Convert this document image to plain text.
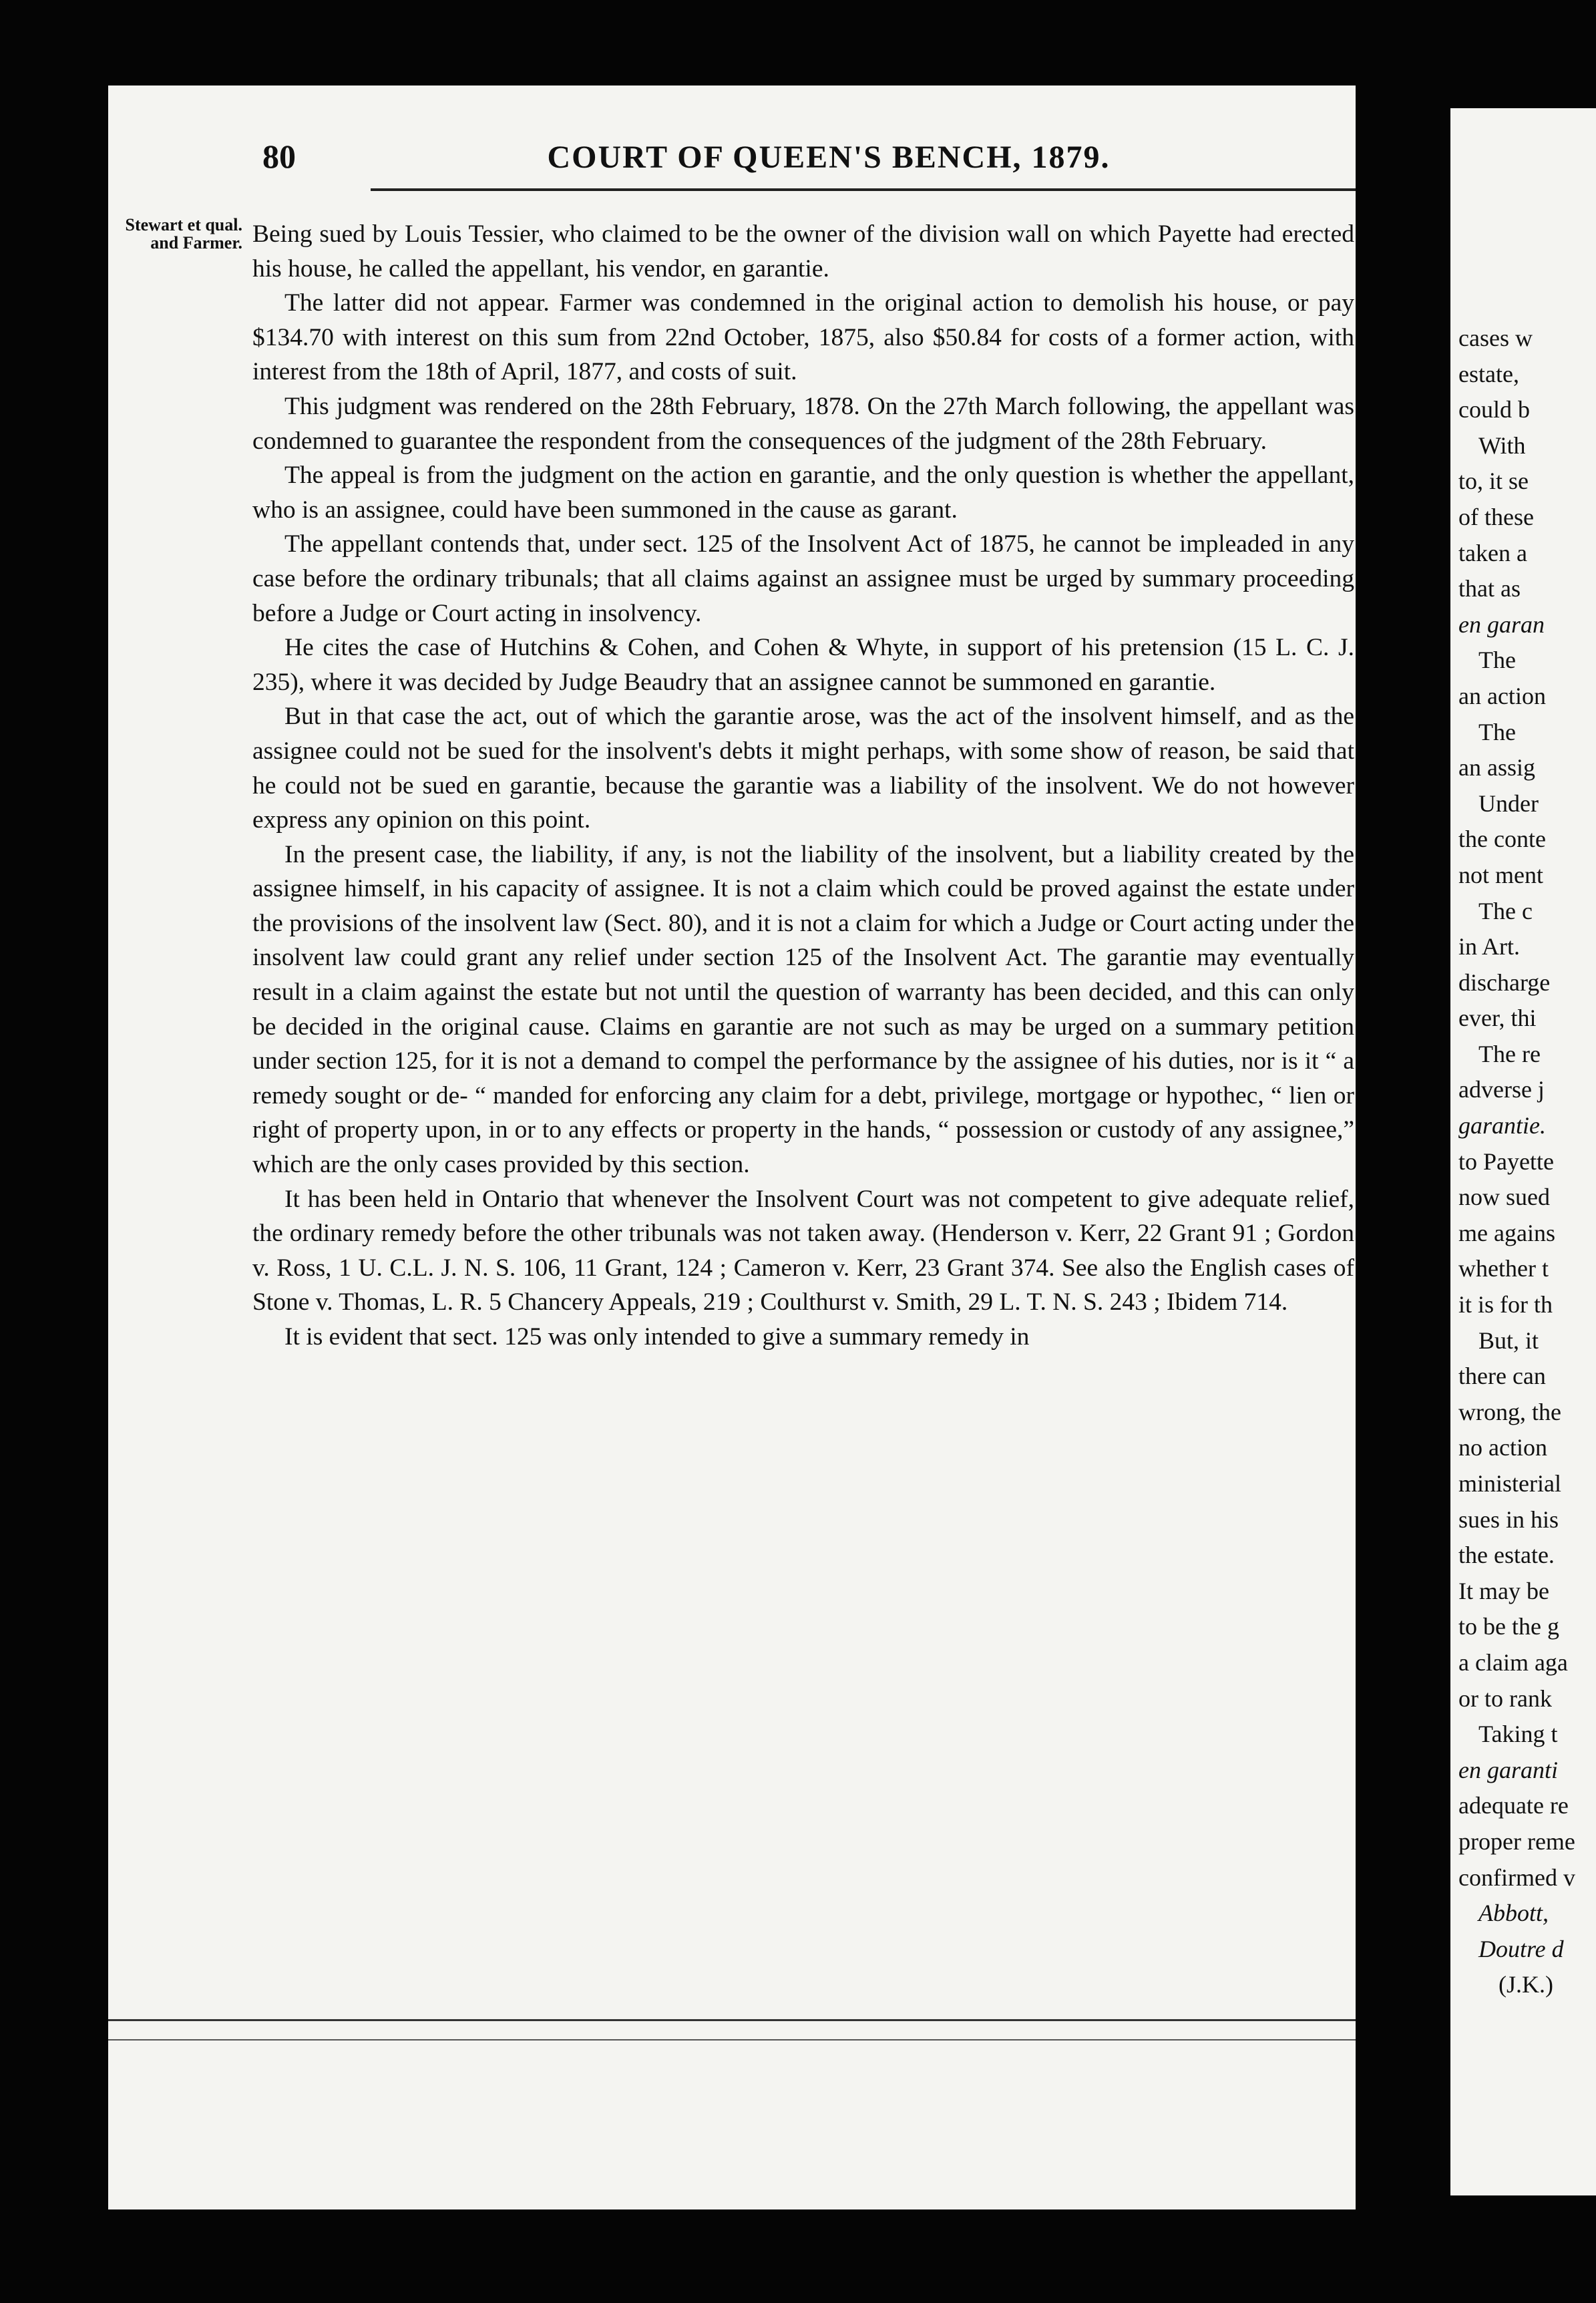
80	COURT OF QUEEN'S BENCH, 1879.
Stewart et qual. and Farmer. Being sued by Louis Tessier, who claimed to be the owner of the division wall on which Payette had erected his house, he called the appellant, his vendor, en garantie.

The latter did not appear. Farmer was condemned in the original action to demolish his house, or pay $134.70 with interest on this sum from 22nd October, 1875, also $50.84 for costs of a former action, with interest from the 18th of April, 1877, and costs of suit.

This judgment was rendered on the 28th February, 1878. On the 27th March following, the appellant was condemned to guarantee the respondent from the consequences of the judgment of the 28th February.

The appeal is from the judgment on the action en garantie, and the only question is whether the appellant, who is an assignee, could have been summoned in the cause as garant.

The appellant contends that, under sect. 125 of the Insolvent Act of 1875, he cannot be impleaded in any case before the ordinary tribunals; that all claims against an assignee must be urged by summary proceeding before a Judge or Court acting in insolvency.

He cites the case of Hutchins & Cohen, and Cohen & Whyte, in support of his pretension (15 L. C. J. 235), where it was decided by Judge Beaudry that an assignee cannot be summoned en garantie.

But in that case the act, out of which the garantie arose, was the act of the insolvent himself, and as the assignee could not be sued for the insolvent's debts it might perhaps, with some show of reason, be said that he could not be sued en garantie, because the garantie was a liability of the insolvent. We do not however express any opinion on this point.

In the present case, the liability, if any, is not the liability of the insolvent, but a liability created by the assignee himself, in his capacity of assignee. It is not a claim which could be proved against the estate under the provisions of the insolvent law (Sect. 80), and it is not a claim for which a Judge or Court acting under the insolvent law could grant any relief under section 125 of the Insolvent Act. The garantie may eventually result in a claim against the estate but not until the question of warranty has been decided, and this can only be decided in the original cause. Claims en garantie are not such as may be urged on a summary petition under section 125, for it is not a demand to compel the performance by the assignee of his duties, nor is it “ a remedy sought or de- “ manded for enforcing any claim for a debt, privilege, mortgage or hypothec, “ lien or right of property upon, in or to any effects or property in the hands, “ possession or custody of any assignee,” which are the only cases provided by this section.

It has been held in Ontario that whenever the Insolvent Court was not competent to give adequate relief, the ordinary remedy before the other tribunals was not taken away. (Henderson v. Kerr, 22 Grant 91 ; Gordon v. Ross, 1 U. C.L. J. N. S. 106, 11 Grant, 124 ; Cameron v. Kerr, 23 Grant 374. See also the English cases of Stone v. Thomas, L. R. 5 Chancery Appeals, 219 ; Coulthurst v. Smith, 29 L. T. N. S. 243 ; Ibidem 714.

It is evident that sect. 125 was only intended to give a summary remedy in

cases w
estate,
could b
With
to, it se
of these
taken a
that as
en garan
The
an action
The
an assig
Under
the conte
not ment
The c
in Art.
discharge
ever, thi
The re
adverse j
garantie.
to Payette
now sued
me agains
whether t
it is for th
But, it
there can
wrong, the
no action
ministerial
sues in his
the estate.
It may be
to be the g
a claim aga
or to rank
Taking t
en garanti
adequate re
proper reme
confirmed v
Abbott,
Doutre d
(J.K.)
